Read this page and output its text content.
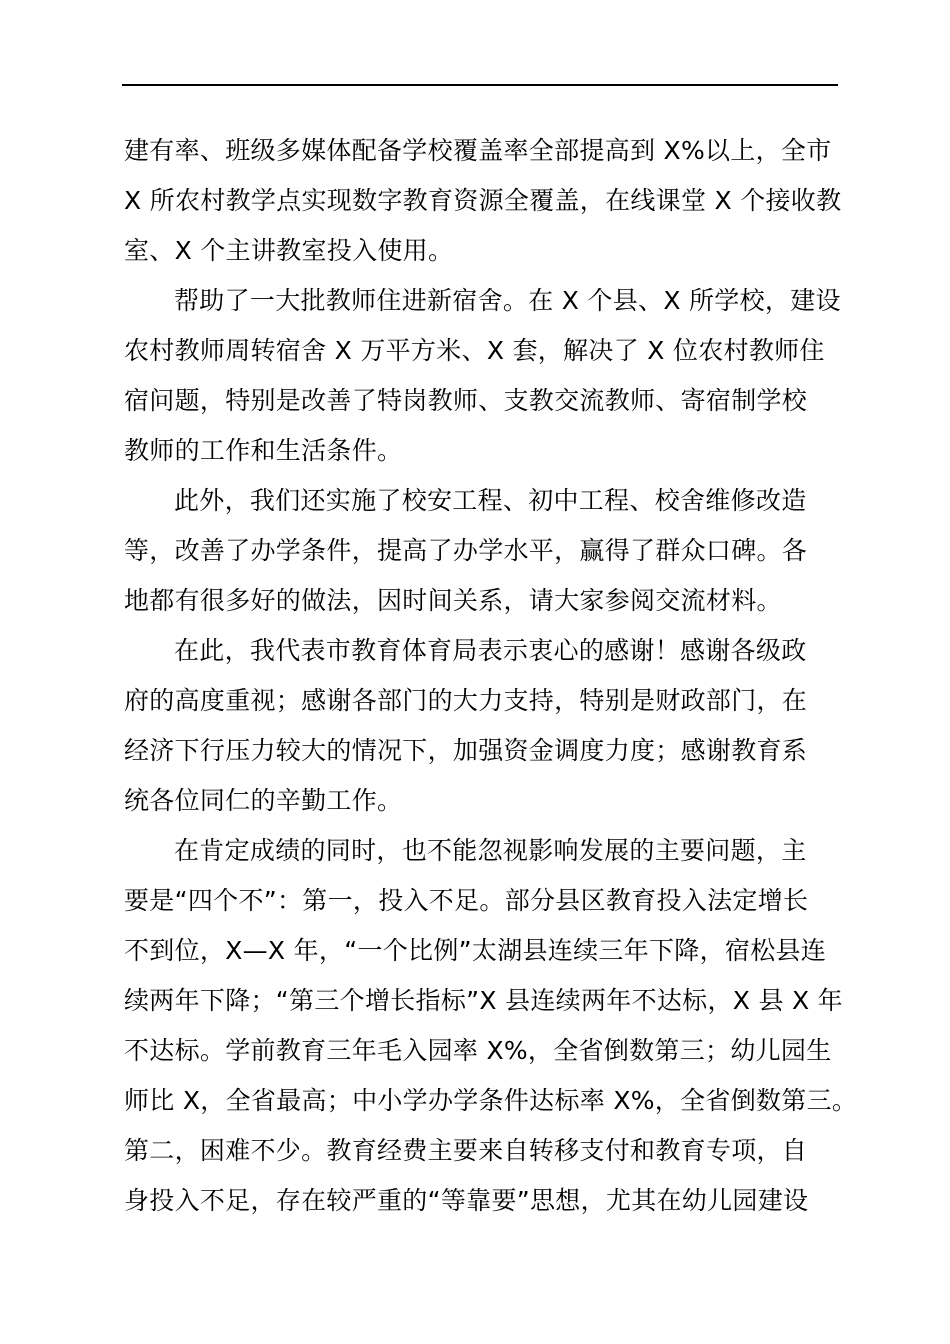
建有率、班级多媒体配备学校覆盖率全部提高到 X%以上，全市
X 所农村教学点实现数字教育资源全覆盖，在线课堂 X 个接收教
室、X 个主讲教室投入使用。
帮助了一大批教师住进新宿舍。在 X 个县、X 所学校，建设
农村教师周转宿舍 X 万平方米、X 套，解决了 X 位农村教师住
宿问题，特别是改善了特岗教师、支教交流教师、寄宿制学校
教师的工作和生活条件。
此外，我们还实施了校安工程、初中工程、校舍维修改造
等，改善了办学条件，提高了办学水平，赢得了群众口碑。各
地都有很多好的做法，因时间关系，请大家参阅交流材料。
在此，我代表市教育体育局表示衷心的感谢！感谢各级政
府的高度重视；感谢各部门的大力支持，特别是财政部门，在
经济下行压力较大的情况下，加强资金调度力度；感谢教育系
统各位同仁的辛勤工作。
在肯定成绩的同时，也不能忽视影响发展的主要问题，主
要是“四个不”：第一，投入不足。部分县区教育投入法定增长
不到位，X—X 年，“一个比例”太湖县连续三年下降，宿松县连
续两年下降；“第三个增长指标”X 县连续两年不达标，X 县 X 年
不达标。学前教育三年毛入园率 X%，全省倒数第三；幼儿园生
师比 X，全省最高；中小学办学条件达标率 X%，全省倒数第三。
第二，困难不少。教育经费主要来自转移支付和教育专项，自
身投入不足，存在较严重的“等靠要”思想，尤其在幼儿园建设
